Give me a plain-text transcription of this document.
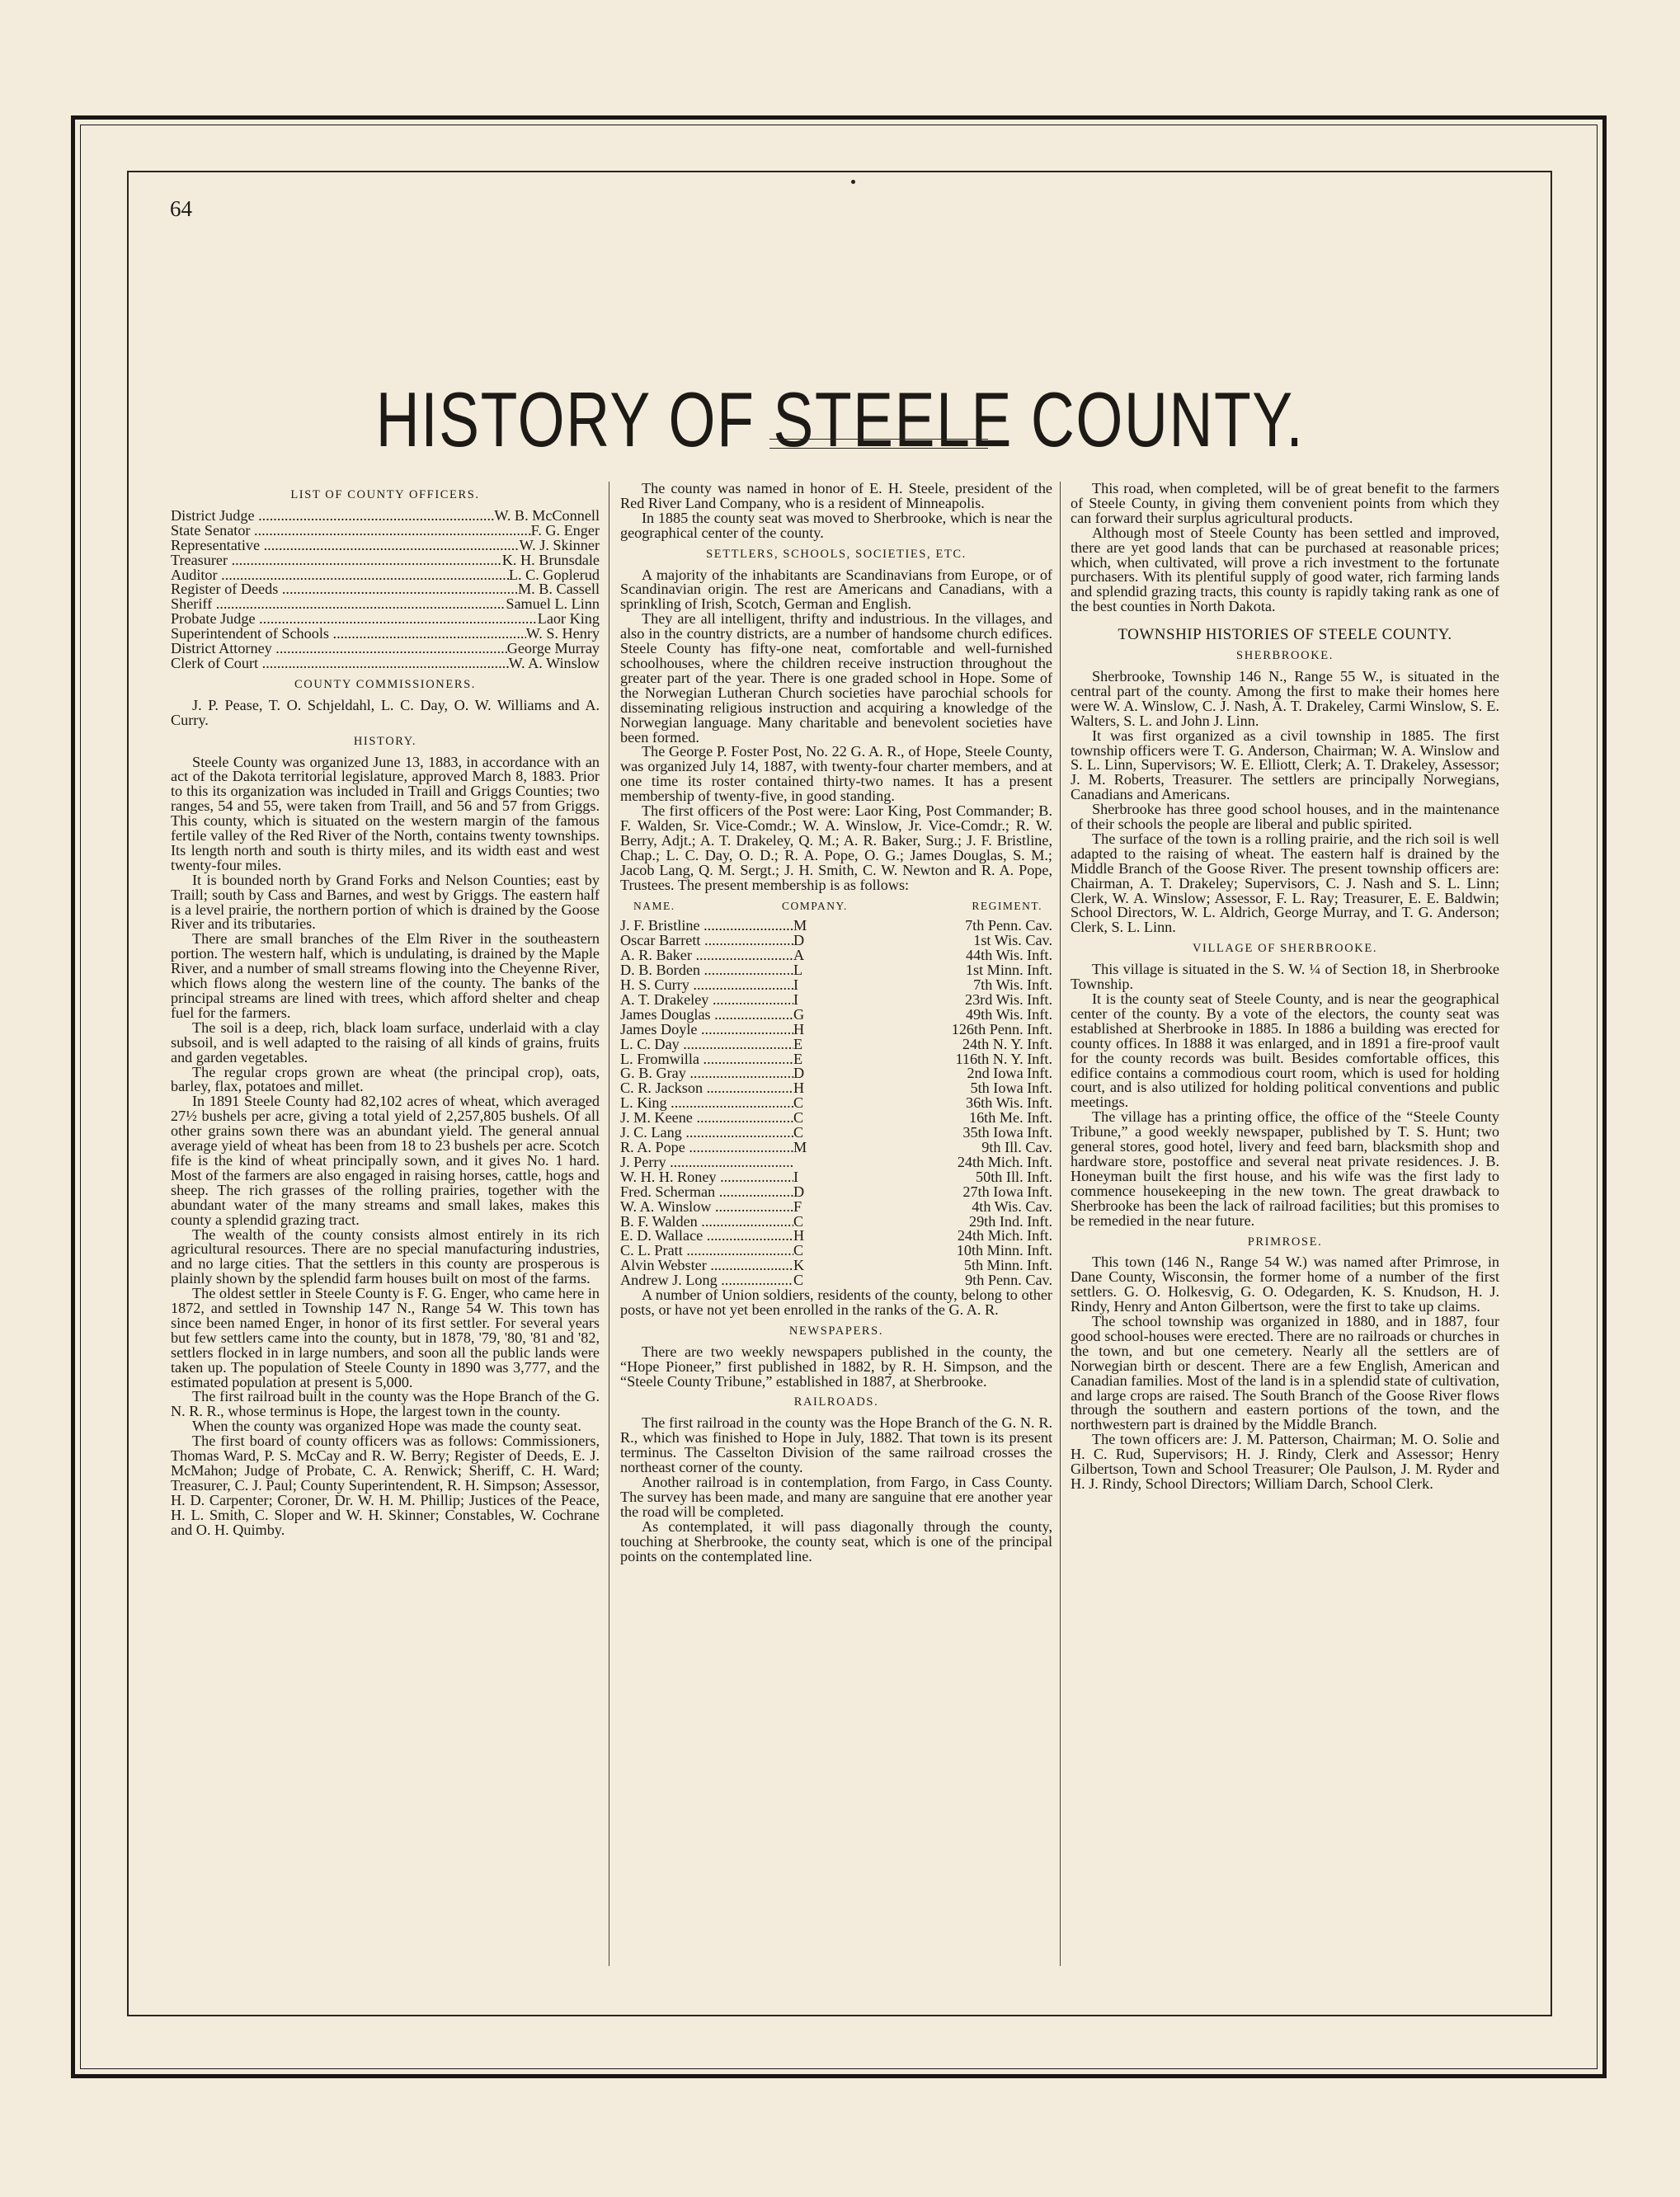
64
HISTORY OF STEELE COUNTY.
LIST OF COUNTY OFFICERS.
District Judge .....	W. B. McConnell
State Senator .....	F. G. Enger
Representative .....	W. J. Skinner
Treasurer .....	K. H. Brunsdale
Auditor .....	L. C. Goplerud
Register of Deeds .....	M. B. Cassell
Sheriff .....	Samuel L. Linn
Probate Judge .....	Laor King
Superintendent of Schools .....	W. S. Henry
District Attorney .....	George Murray
Clerk of Court .....	W. A. Winslow
COUNTY COMMISSIONERS.

J. P. Pease, T. O. Schjeldahl, L. C. Day, O. W. Williams and A. Curry.

HISTORY.

Steele County was organized June 13, 1883, in accordance with an act of the Dakota territorial legislature, approved March 8, 1883. Prior to this its organization was included in Traill and Griggs Counties; two ranges, 54 and 55, were taken from Traill, and 56 and 57 from Griggs. This county, which is situated on the western margin of the famous fertile valley of the Red River of the North, contains twenty townships. Its length north and south is thirty miles, and its width east and west twenty-four miles.

It is bounded north by Grand Forks and Nelson Counties; east by Traill; south by Cass and Barnes, and west by Griggs. The eastern half is a level prairie, the northern portion of which is drained by the Goose River and its tributaries.

There are small branches of the Elm River in the southeastern portion. The western half, which is undulating, is drained by the Maple River, and a number of small streams flowing into the Cheyenne River, which flows along the western line of the county. The banks of the principal streams are lined with trees, which afford shelter and cheap fuel for the farmers.

The soil is a deep, rich, black loam surface, underlaid with a clay subsoil, and is well adapted to the raising of all kinds of grains, fruits and garden vegetables.

The regular crops grown are wheat (the principal crop), oats, barley, flax, potatoes and millet.

In 1891 Steele County had 82,102 acres of wheat, which averaged 27½ bushels per acre, giving a total yield of 2,257,805 bushels. Of all other grains sown there was an abundant yield. The general annual average yield of wheat has been from 18 to 23 bushels per acre. Scotch fife is the kind of wheat principally sown, and it gives No. 1 hard. Most of the farmers are also engaged in raising horses, cattle, hogs and sheep. The rich grasses of the rolling prairies, together with the abundant water of the many streams and small lakes, makes this county a splendid grazing tract.

The wealth of the county consists almost entirely in its rich agricultural resources. There are no special manufacturing industries, and no large cities. That the settlers in this county are prosperous is plainly shown by the splendid farm houses built on most of the farms.

The oldest settler in Steele County is F. G. Enger, who came here in 1872, and settled in Township 147 N., Range 54 W. This town has since been named Enger, in honor of its first settler. For several years but few settlers came into the county, but in 1878, '79, '80, '81 and '82, settlers flocked in in large numbers, and soon all the public lands were taken up. The population of Steele County in 1890 was 3,777, and the estimated population at present is 5,000.

The first railroad built in the county was the Hope Branch of the G. N. R. R., whose terminus is Hope, the largest town in the county.

When the county was organized Hope was made the county seat.

The first board of county officers was as follows: Commissioners, Thomas Ward, P. S. McCay and R. W. Berry; Register of Deeds, E. J. McMahon; Judge of Probate, C. A. Renwick; Sheriff, C. H. Ward; Treasurer, C. J. Paul; County Superintendent, R. H. Simpson; Assessor, H. D. Carpenter; Coroner, Dr. W. H. M. Phillip; Justices of the Peace, H. L. Smith, C. Sloper and W. H. Skinner; Constables, W. Cochrane and O. H. Quimby.

The county was named in honor of E. H. Steele, president of the Red River Land Company, who is a resident of Minneapolis.

In 1885 the county seat was moved to Sherbrooke, which is near the geographical center of the county.

SETTLERS, SCHOOLS, SOCIETIES, ETC.

A majority of the inhabitants are Scandinavians from Europe, or of Scandinavian origin. The rest are Americans and Canadians, with a sprinkling of Irish, Scotch, German and English.

They are all intelligent, thrifty and industrious. In the villages, and also in the country districts, are a number of handsome church edifices. Steele County has fifty-one neat, comfortable and well-furnished schoolhouses, where the children receive instruction throughout the greater part of the year. There is one graded school in Hope. Some of the Norwegian Lutheran Church societies have parochial schools for disseminating religious instruction and acquiring a knowledge of the Norwegian language. Many charitable and benevolent societies have been formed.

The George P. Foster Post, No. 22 G. A. R., of Hope, Steele County, was organized July 14, 1887, with twenty-four charter members, and at one time its roster contained thirty-two names. It has a present membership of twenty-five, in good standing.

The first officers of the Post were: Laor King, Post Commander; B. F. Walden, Sr. Vice-Comdr.; W. A. Winslow, Jr. Vice-Comdr.; R. W. Berry, Adjt.; A. T. Drakeley, Q. M.; A. R. Baker, Surg.; J. F. Bristline, Chap.; L. C. Day, O. D.; R. A. Pope, O. G.; James Douglas, S. M.; Jacob Lang, Q. M. Sergt.; J. H. Smith, C. W. Newton and R. A. Pope, Trustees. The present membership is as follows:

NAME.	COMPANY.	REGIMENT.
J. F. Bristline .....	M	7th Penn. Cav.
Oscar Barrett .....	D	1st Wis. Cav.
A. R. Baker .....	A	44th Wis. Inft.
D. B. Borden .....	L	1st Minn. Inft.
H. S. Curry .....	I	7th Wis. Inft.
A. T. Drakeley .....	I	23rd Wis. Inft.
James Douglas .....	G	49th Wis. Inft.
James Doyle .....	H	126th Penn. Inft.
L. C. Day .....	E	24th N. Y. Inft.
L. Fromwilla .....	E	116th N. Y. Inft.
G. B. Gray .....	D	2nd Iowa Inft.
C. R. Jackson .....	H	5th Iowa Inft.
L. King .....	C	36th Wis. Inft.
J. M. Keene .....	C	16th Me. Inft.
J. C. Lang .....	C	35th Iowa Inft.
R. A. Pope .....	M	9th Ill. Cav.
J. Perry .....	24th Mich. Inft.
W. H. H. Roney .....	I	50th Ill. Inft.
Fred. Scherman .....	D	27th Iowa Inft.
W. A. Winslow .....	F	4th Wis. Cav.
B. F. Walden .....	C	29th Ind. Inft.
E. D. Wallace .....	H	24th Mich. Inft.
C. L. Pratt .....	C	10th Minn. Inft.
Alvin Webster .....	K	5th Minn. Inft.
Andrew J. Long .....	C	9th Penn. Cav.

A number of Union soldiers, residents of the county, belong to other posts, or have not yet been enrolled in the ranks of the G. A. R.

NEWSPAPERS.

There are two weekly newspapers published in the county, the “Hope Pioneer,” first published in 1882, by R. H. Simpson, and the “Steele County Tribune,” established in 1887, at Sherbrooke.

RAILROADS.

The first railroad in the county was the Hope Branch of the G. N. R. R., which was finished to Hope in July, 1882. That town is its present terminus. The Casselton Division of the same railroad crosses the northeast corner of the county.

Another railroad is in contemplation, from Fargo, in Cass County. The survey has been made, and many are sanguine that ere another year the road will be completed.

As contemplated, it will pass diagonally through the county, touching at Sherbrooke, the county seat, which is one of the principal points on the contemplated line.

This road, when completed, will be of great benefit to the farmers of Steele County, in giving them convenient points from which they can forward their surplus agricultural products.

Although most of Steele County has been settled and improved, there are yet good lands that can be purchased at reasonable prices; which, when cultivated, will prove a rich investment to the fortunate purchasers. With its plentiful supply of good water, rich farming lands and splendid grazing tracts, this county is rapidly taking rank as one of the best counties in North Dakota.

TOWNSHIP HISTORIES OF STEELE COUNTY.
SHERBROOKE.

Sherbrooke, Township 146 N., Range 55 W., is situated in the central part of the county. Among the first to make their homes here were W. A. Winslow, C. J. Nash, A. T. Drakeley, Carmi Winslow, S. E. Walters, S. L. and John J. Linn.

It was first organized as a civil township in 1885. The first township officers were T. G. Anderson, Chairman; W. A. Winslow and S. L. Linn, Supervisors; W. E. Elliott, Clerk; A. T. Drakeley, Assessor; J. M. Roberts, Treasurer. The settlers are principally Norwegians, Canadians and Americans.

Sherbrooke has three good school houses, and in the maintenance of their schools the people are liberal and public spirited.

The surface of the town is a rolling prairie, and the rich soil is well adapted to the raising of wheat. The eastern half is drained by the Middle Branch of the Goose River. The present township officers are: Chairman, A. T. Drakeley; Supervisors, C. J. Nash and S. L. Linn; Clerk, W. A. Winslow; Assessor, F. L. Ray; Treasurer, E. E. Baldwin; School Directors, W. L. Aldrich, George Murray, and T. G. Anderson; Clerk, S. L. Linn.

VILLAGE OF SHERBROOKE.

This village is situated in the S. W. ¼ of Section 18, in Sherbrooke Township.

It is the county seat of Steele County, and is near the geographical center of the county. By a vote of the electors, the county seat was established at Sherbrooke in 1885. In 1886 a building was erected for county offices. In 1888 it was enlarged, and in 1891 a fire-proof vault for the county records was built. Besides comfortable offices, this edifice contains a commodious court room, which is used for holding court, and is also utilized for holding political conventions and public meetings.

The village has a printing office, the office of the “Steele County Tribune,” a good weekly newspaper, published by T. S. Hunt; two general stores, good hotel, livery and feed barn, blacksmith shop and hardware store, postoffice and several neat private residences. J. B. Honeyman built the first house, and his wife was the first lady to commence housekeeping in the new town. The great drawback to Sherbrooke has been the lack of railroad facilities; but this promises to be remedied in the near future.

PRIMROSE.

This town (146 N., Range 54 W.) was named after Primrose, in Dane County, Wisconsin, the former home of a number of the first settlers. G. O. Holkesvig, G. O. Odegarden, K. S. Knudson, H. J. Rindy, Henry and Anton Gilbertson, were the first to take up claims.

The school township was organized in 1880, and in 1887, four good school-houses were erected. There are no railroads or churches in the town, and but one cemetery. Nearly all the settlers are of Norwegian birth or descent. There are a few English, American and Canadian families. Most of the land is in a splendid state of cultivation, and large crops are raised. The South Branch of the Goose River flows through the southern and eastern portions of the town, and the northwestern part is drained by the Middle Branch.

The town officers are: J. M. Patterson, Chairman; M. O. Solie and H. C. Rud, Supervisors; H. J. Rindy, Clerk and Assessor; Henry Gilbertson, Town and School Treasurer; Ole Paulson, J. M. Ryder and H. J. Rindy, School Directors; William Darch, School Clerk.
